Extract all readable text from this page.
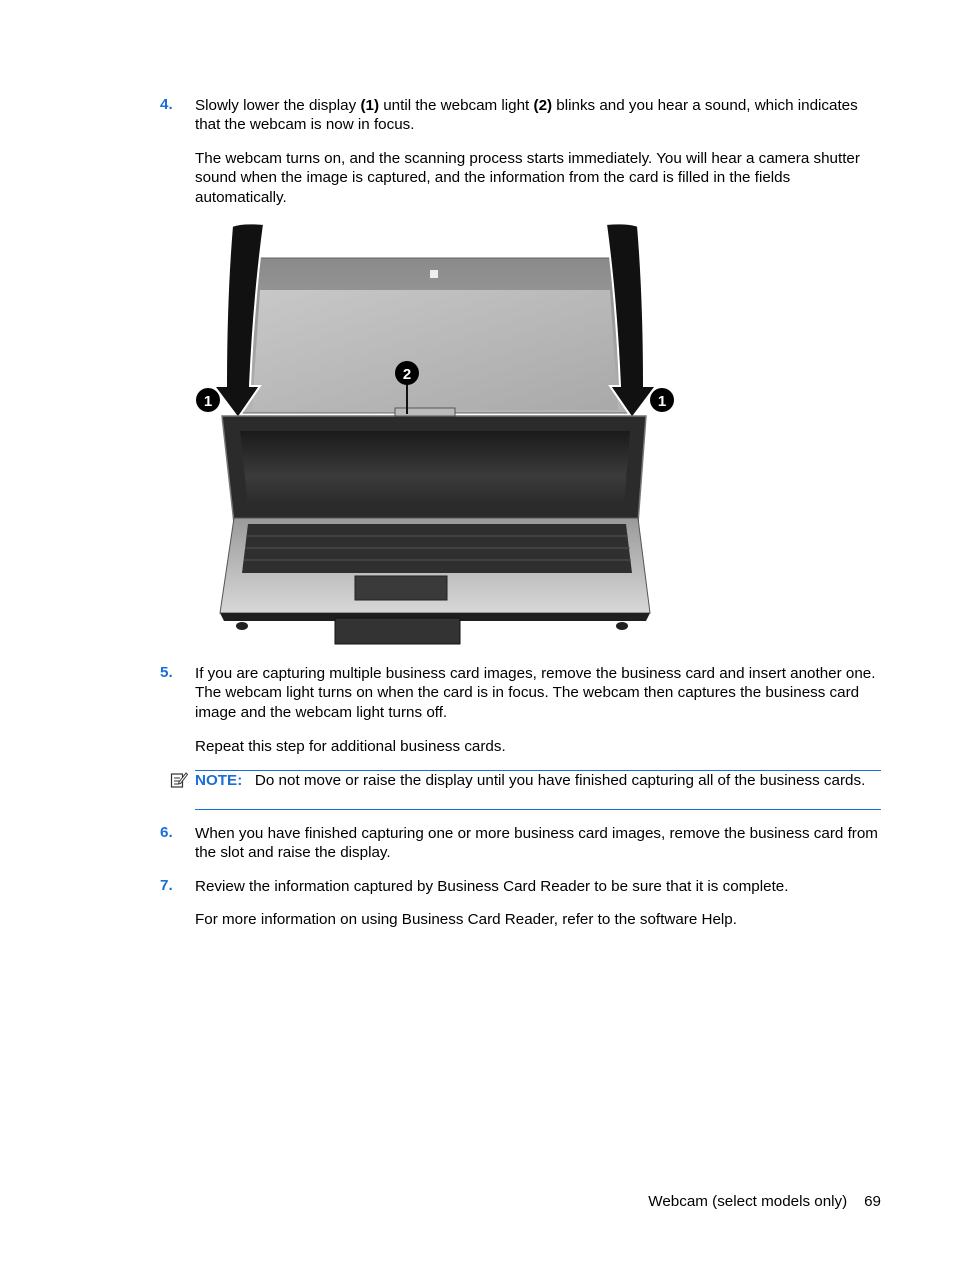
4. Slowly lower the display (1) until the webcam light (2) blinks and you hear a sound, which indicates that the webcam is now in focus.
The webcam turns on, and the scanning process starts immediately. You will hear a camera shutter sound when the image is captured, and the information from the card is filled in the fields automatically.
1
2
1
5. If you are capturing multiple business card images, remove the business card and insert another one. The webcam light turns on when the card is in focus. The webcam then captures the business card image and the webcam light turns off.
Repeat this step for additional business cards.
NOTE: Do not move or raise the display until you have finished capturing all of the business cards.
6. When you have finished capturing one or more business card images, remove the business card from the slot and raise the display.
7. Review the information captured by Business Card Reader to be sure that it is complete.
For more information on using Business Card Reader, refer to the software Help.
Webcam (select models only) 69
